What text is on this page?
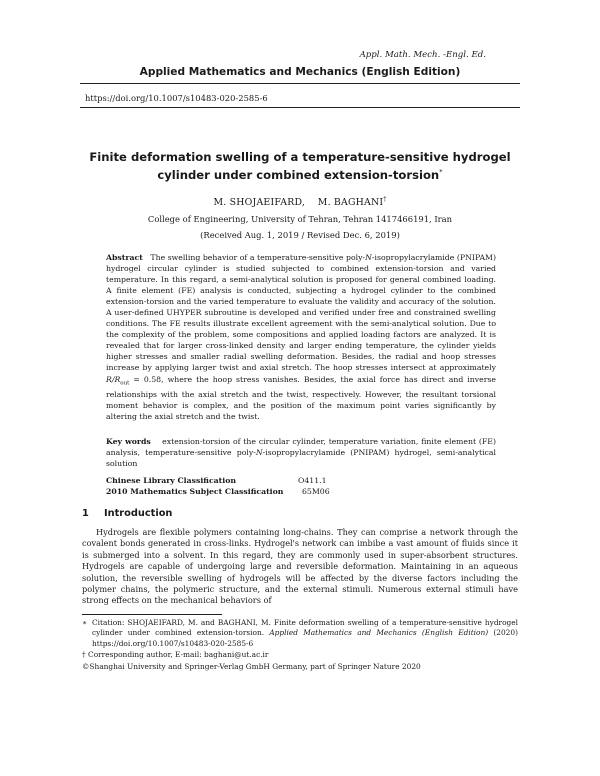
Appl. Math. Mech. -Engl. Ed.
Applied Mathematics and Mechanics (English Edition)
https://doi.org/10.1007/s10483-020-2585-6
Finite deformation swelling of a temperature-sensitive hydrogel
cylinder under combined extension-torsion*
M. SHOJAEIFARD,    M. BAGHANI†
College of Engineering, University of Tehran, Tehran 1417466191, Iran
(Received Aug. 1, 2019 / Revised Dec. 6, 2019)
Abstract The swelling behavior of a temperature-sensitive poly-N-isopropylacrylamide (PNIPAM) hydrogel circular cylinder is studied subjected to combined extension-torsion and varied temperature. In this regard, a semi-analytical solution is proposed for general combined loading. A finite element (FE) analysis is conducted, subjecting a hydrogel cylinder to the combined extension-torsion and the varied temperature to evaluate the validity and accuracy of the solution. A user-defined UHYPER subroutine is developed and verified under free and constrained swelling conditions. The FE results illustrate excellent agreement with the semi-analytical solution. Due to the complexity of the problem, some compositions and applied loading factors are analyzed. It is revealed that for larger cross-linked density and larger ending temperature, the cylinder yields higher stresses and smaller radial swelling deformation. Besides, the radial and hoop stresses increase by applying larger twist and axial stretch. The hoop stresses intersect at approximately $R/R_{out} = 0.58$, where the hoop stress vanishes. Besides, the axial force has direct and inverse relationships with the axial stretch and the twist, respectively. However, the resultant torsional moment behavior is complex, and the position of the maximum point varies significantly by altering the axial stretch and the twist.
Key words extension-torsion of the circular cylinder, temperature variation, finite element (FE) analysis, temperature-sensitive poly-N-isopropylacrylamide (PNIPAM) hydrogel, semi-analytical solution
Chinese Library Classification	O411.1
2010 Mathematics Subject Classification 65M06
1 Introduction
Hydrogels are flexible polymers containing long-chains. They can comprise a network through the covalent bonds generated in cross-links. Hydrogel's network can imbibe a vast amount of fluids since it is submerged into a solvent. In this regard, they are commonly used in super-absorbent structures. Hydrogels are capable of undergoing large and reversible deformation. Maintaining in an aqueous solution, the reversible swelling of hydrogels will be affected by the diverse factors including the polymer chains, the polymeric structure, and the external stimuli. Numerous external stimuli have strong effects on the mechanical behaviors of
∗ Citation: SHOJAEIFARD, M. and BAGHANI, M. Finite deformation swelling of a temperature-sensitive hydrogel cylinder under combined extension-torsion. Applied Mathematics and Mechanics (English Edition) (2020) https://doi.org/10.1007/s10483-020-2585-6
† Corresponding author, E-mail: baghani@ut.ac.ir
©Shanghai University and Springer-Verlag GmbH Germany, part of Springer Nature 2020
